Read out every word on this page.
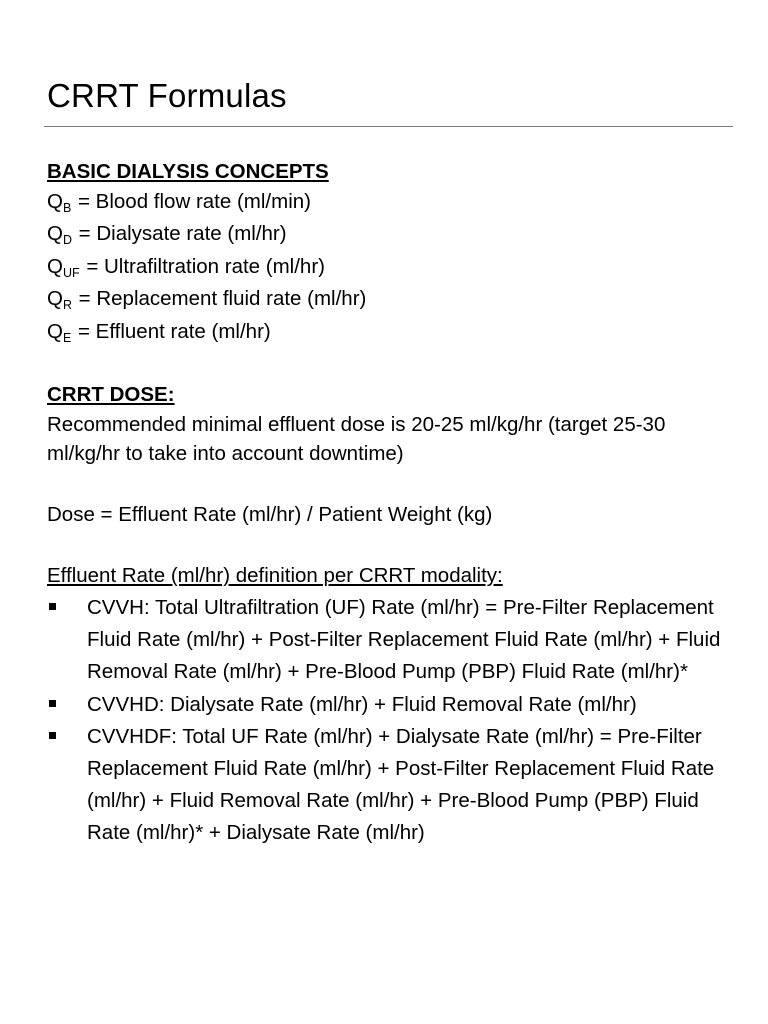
CRRT Formulas

BASIC DIALYSIS CONCEPTS

QB = Blood flow rate (ml/min)

QD = Dialysate rate (ml/hr)

QUF = Ultrafiltration rate (ml/hr)

QR = Replacement fluid rate (ml/hr)

QE = Effluent rate (ml/hr)

CRRT DOSE:

Recommended minimal effluent dose is 20-25 ml/kg/hr (target 25-30 ml/kg/hr to take into account downtime)

Dose = Effluent Rate (ml/hr) / Patient Weight (kg)

Effluent Rate (ml/hr) definition per CRRT modality:

CVVH: Total Ultrafiltration (UF) Rate (ml/hr) = Pre-Filter Replacement Fluid Rate (ml/hr) + Post-Filter Replacement Fluid Rate (ml/hr) + Fluid Removal Rate (ml/hr) + Pre-Blood Pump (PBP) Fluid Rate (ml/hr)*
CVVHD: Dialysate Rate (ml/hr) + Fluid Removal Rate (ml/hr)
CVVHDF: Total UF Rate (ml/hr) + Dialysate Rate (ml/hr) = Pre-Filter Replacement Fluid Rate (ml/hr) + Post-Filter Replacement Fluid Rate (ml/hr) + Fluid Removal Rate (ml/hr) + Pre-Blood Pump (PBP) Fluid Rate (ml/hr)* + Dialysate Rate (ml/hr)
